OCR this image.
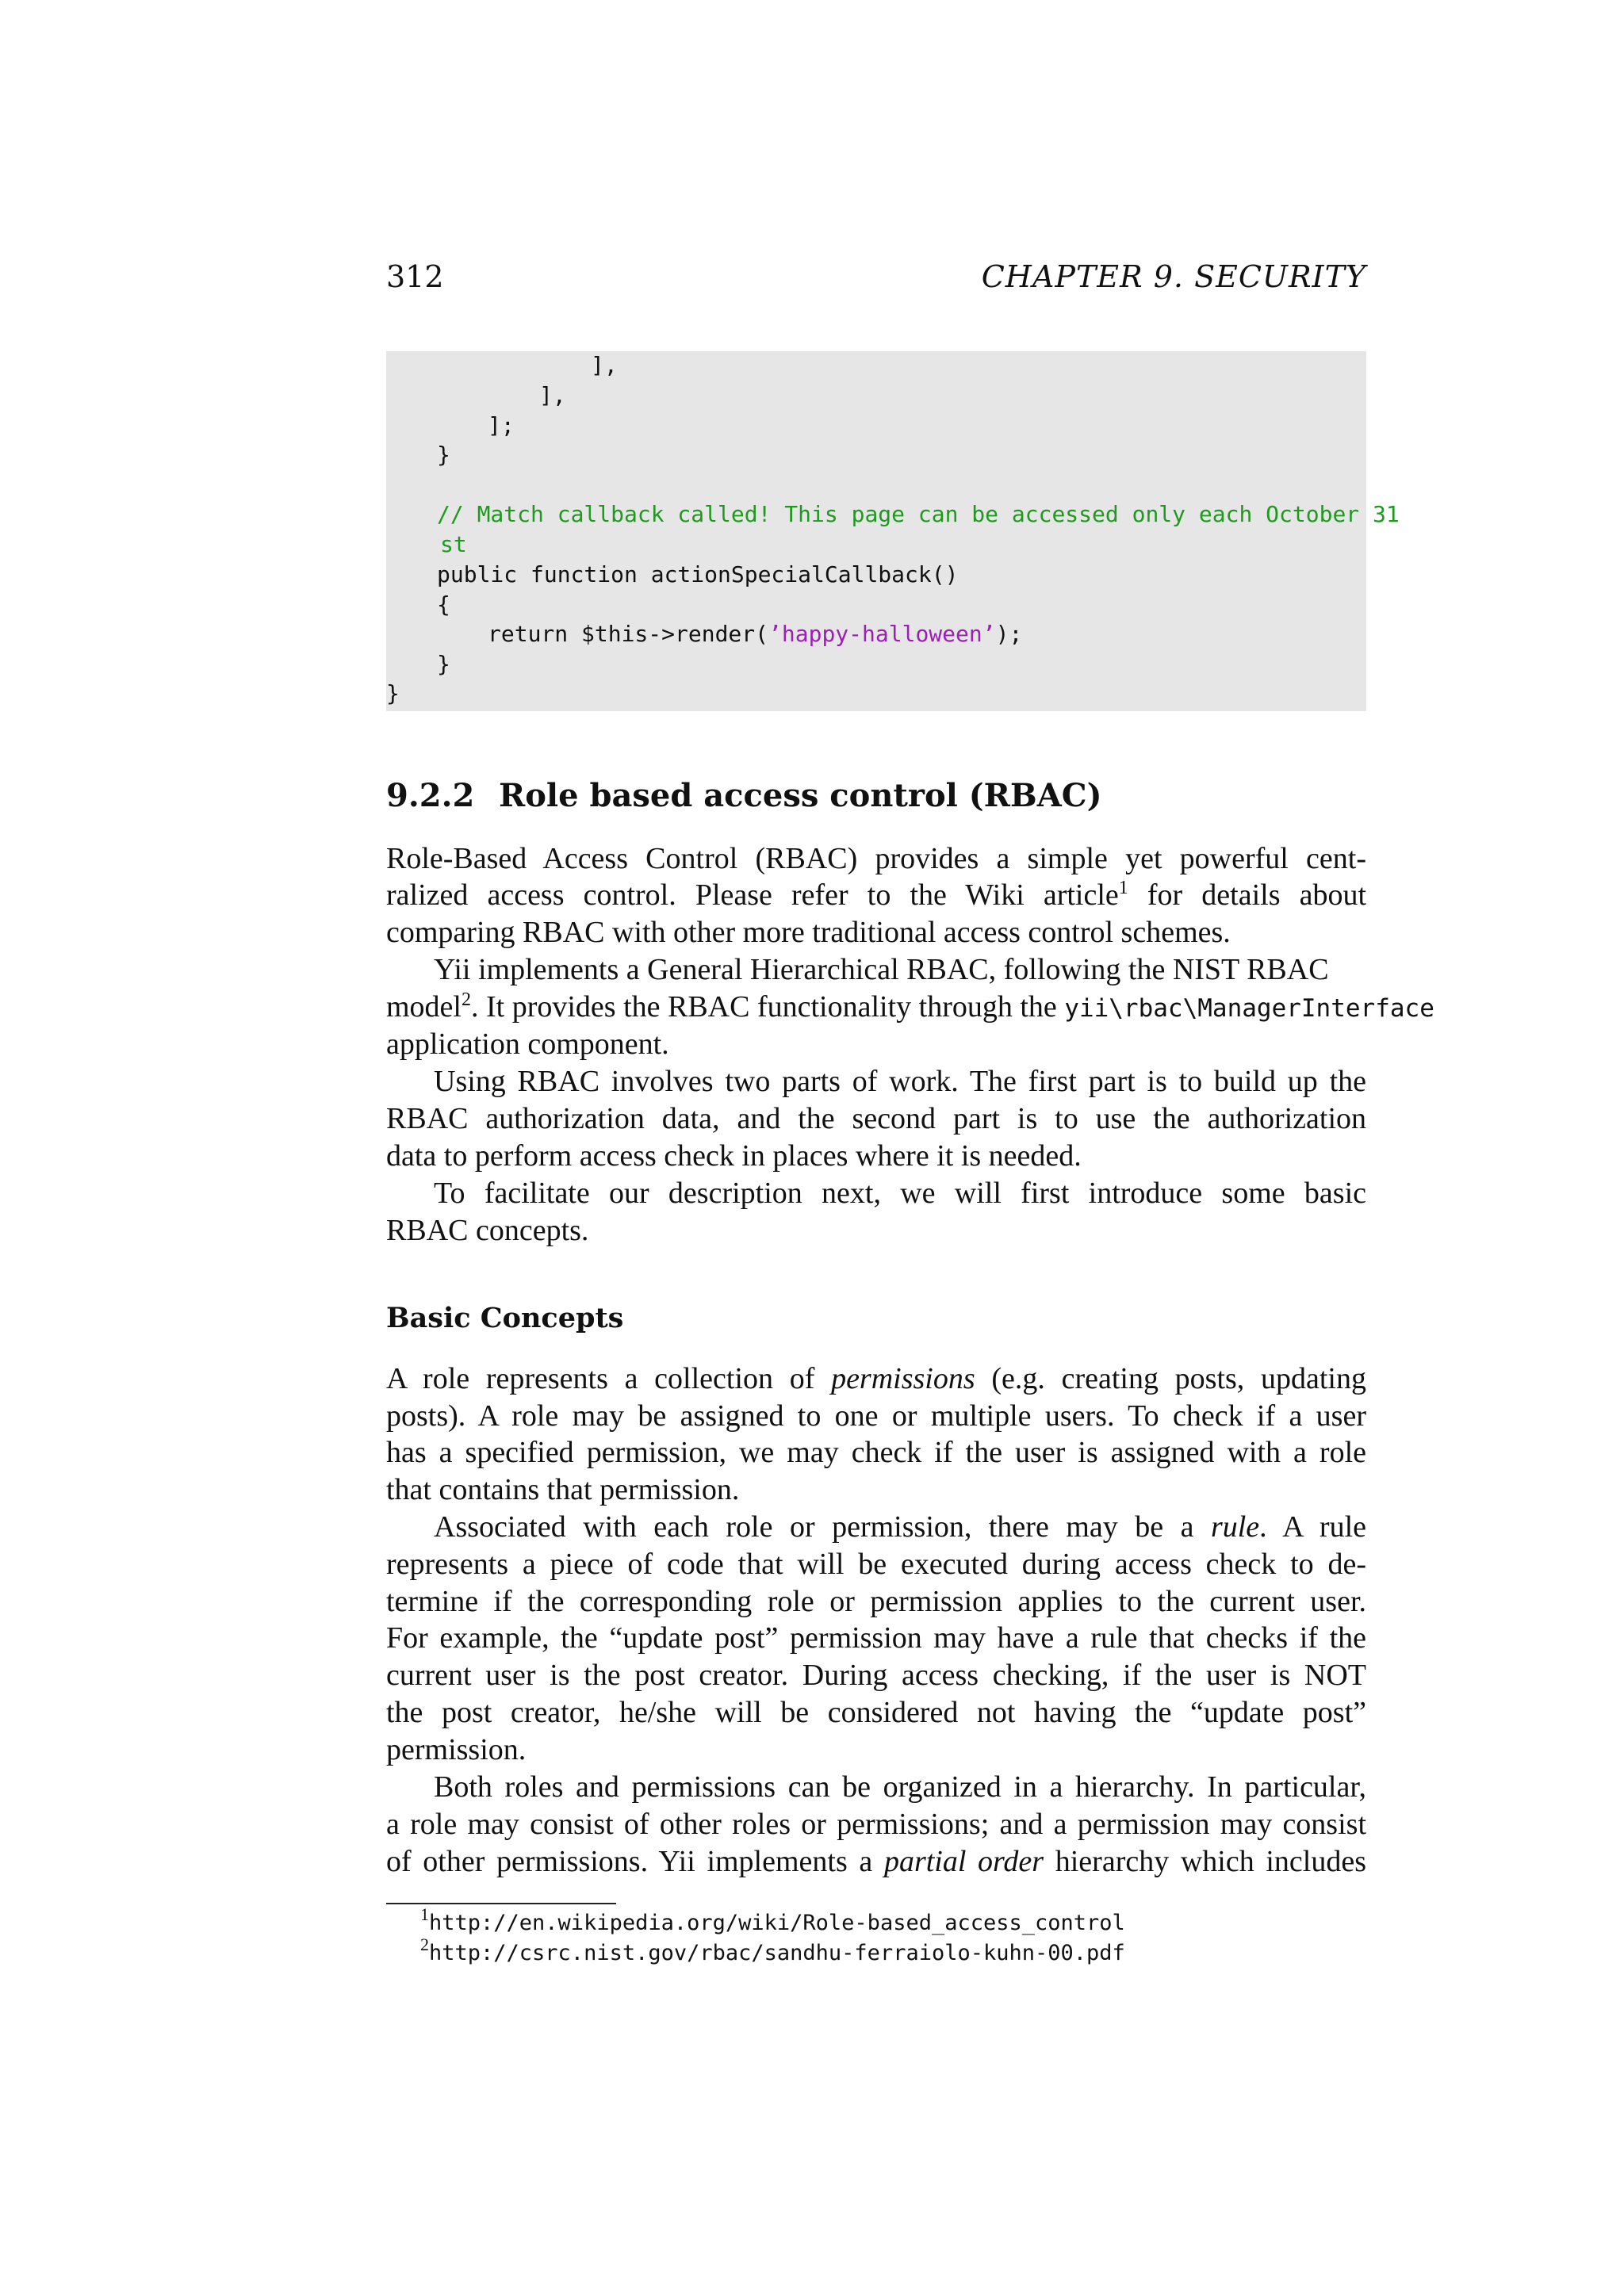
312	CHAPTER 9. SECURITY
],
],
];
}
// Match callback called! This page can be accessed only each October 31
st
public function actionSpecialCallback()
{
return $this->render(’happy-halloween’);
}
}
9.2.2 Role based access control (RBAC)
Role-Based Access Control (RBAC) provides a simple yet powerful cent-
ralized access control. Please refer to the Wiki article$^1$ for details about
comparing RBAC with other more traditional access control schemes.
Yii implements a General Hierarchical RBAC, following the NIST RBAC
model$^2$. It provides the RBAC functionality through the yii\rbac\ManagerInterface
application component.
Using RBAC involves two parts of work. The first part is to build up the
RBAC authorization data, and the second part is to use the authorization
data to perform access check in places where it is needed.
To facilitate our description next, we will first introduce some basic
RBAC concepts.
Basic Concepts
A role represents a collection of permissions (e.g. creating posts, updating
posts). A role may be assigned to one or multiple users. To check if a user
has a specified permission, we may check if the user is assigned with a role
that contains that permission.
Associated with each role or permission, there may be a rule. A rule
represents a piece of code that will be executed during access check to de-
termine if the corresponding role or permission applies to the current user.
For example, the “update post” permission may have a rule that checks if the
current user is the post creator. During access checking, if the user is NOT
the post creator, he/she will be considered not having the “update post”
permission.
Both roles and permissions can be organized in a hierarchy. In particular,
a role may consist of other roles or permissions; and a permission may consist
of other permissions. Yii implements a partial order hierarchy which includes
$^1$http://en.wikipedia.org/wiki/Role-based_access_control
$^2$http://csrc.nist.gov/rbac/sandhu-ferraiolo-kuhn-00.pdf
